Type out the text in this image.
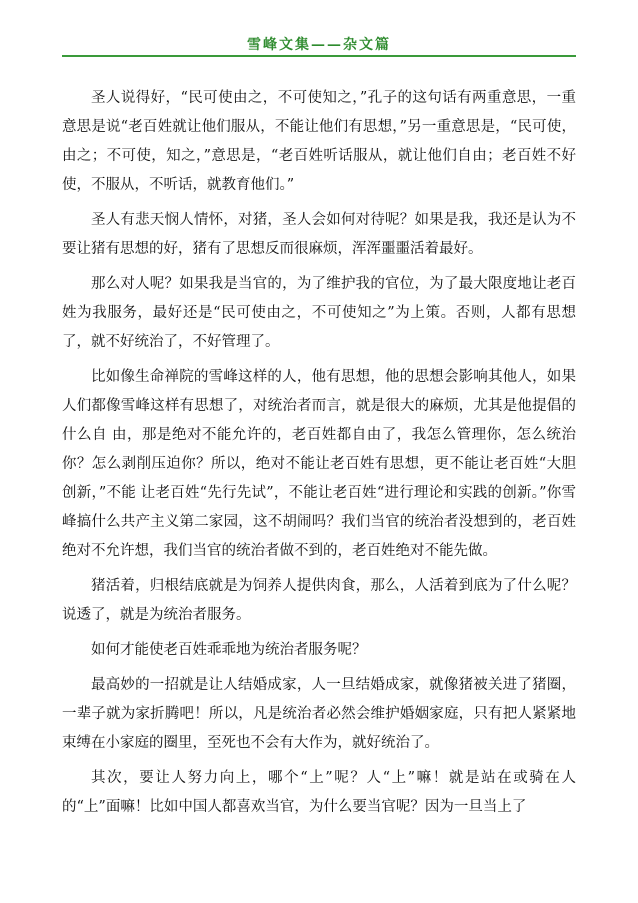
雪峰文集——杂文篇

圣人说得好，“民可使由之，不可使知之，”孔子的这句话有两重意思，一重意思是说“老百姓就让他们服从，不能让他们有思想，”另一重意思是，“民可使，由之；不可使，知之，”意思是，“老百姓听话服从，就让他们自由；老百姓不好使，不服从，不听话，就教育他们。”

圣人有悲天悯人情怀，对猪，圣人会如何对待呢？如果是我，我还是认为不要让猪有思想的好，猪有了思想反而很麻烦，浑浑噩噩活着最好。

那么对人呢？如果我是当官的，为了维护我的官位，为了最大限度地让老百姓为我服务，最好还是“民可使由之，不可使知之”为上策。否则，人都有思想了，就不好统治了，不好管理了。

比如像生命禅院的雪峰这样的人，他有思想，他的思想会影响其他人，如果人们都像雪峰这样有思想了，对统治者而言，就是很大的麻烦，尤其是他提倡的什么自 由，那是绝对不能允许的，老百姓都自由了，我怎么管理你，怎么统治你？怎么剥削压迫你？所以，绝对不能让老百姓有思想，更不能让老百姓“大胆创新，”不能 让老百姓“先行先试”，不能让老百姓“进行理论和实践的创新。”你雪峰搞什么共产主义第二家园，这不胡闹吗？我们当官的统治者没想到的，老百姓绝对不允许想，我们当官的统治者做不到的，老百姓绝对不能先做。

猪活着，归根结底就是为饲养人提供肉食，那么，人活着到底为了什么呢？说透了，就是为统治者服务。

如何才能使老百姓乖乖地为统治者服务呢？

最高妙的一招就是让人结婚成家，人一旦结婚成家，就像猪被关进了猪圈，一辈子就为家折腾吧！所以，凡是统治者必然会维护婚姻家庭，只有把人紧紧地束缚在小家庭的圈里，至死也不会有大作为，就好统治了。

其次，要让人努力向上，哪个“上”呢？人“上”嘛！就是站在或骑在人的“上”面嘛！比如中国人都喜欢当官，为什么要当官呢？因为一旦当上了
